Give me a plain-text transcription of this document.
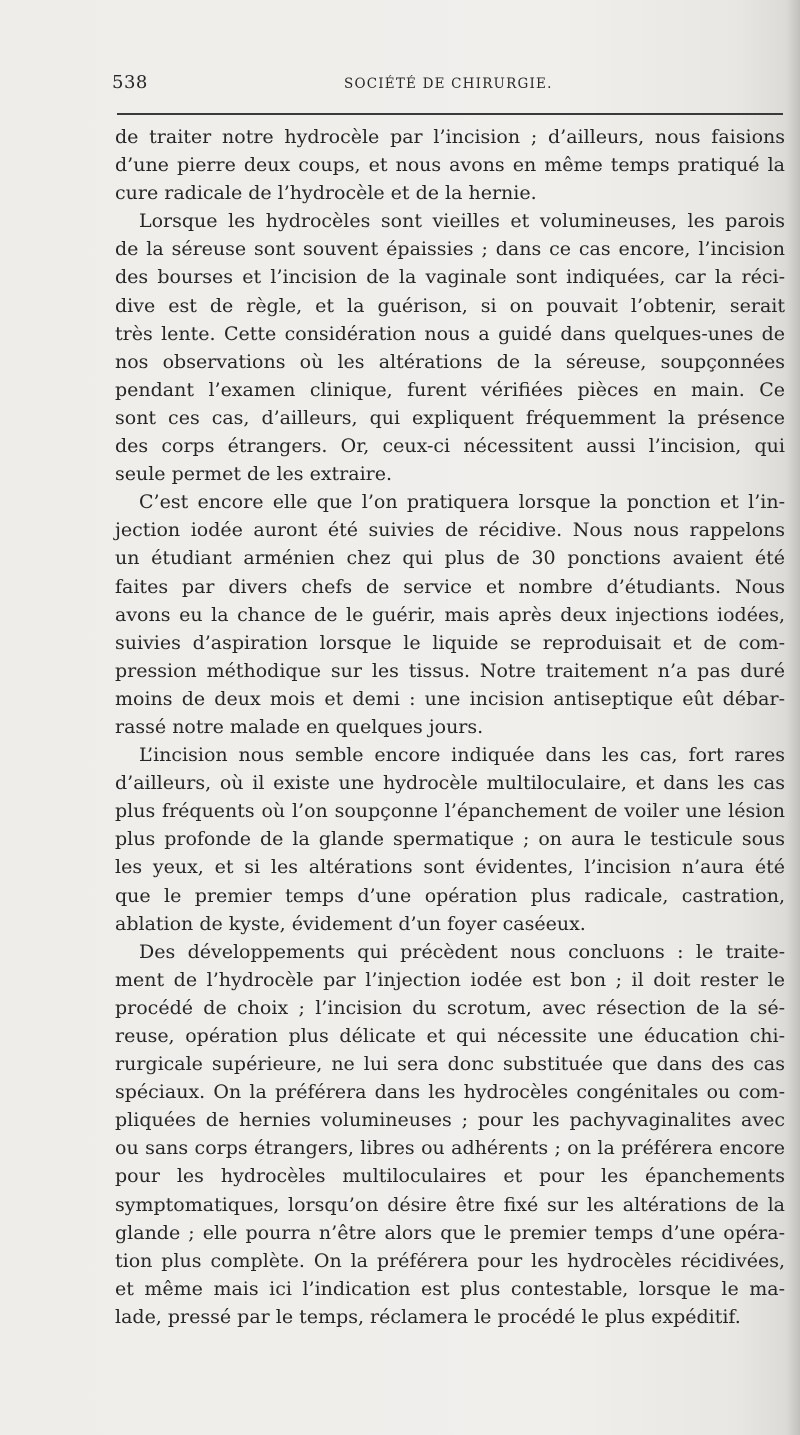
538	SOCIÉTÉ DE CHIRURGIE.
de traiter notre hydrocèle par l’incision ; d’ailleurs, nous faisions
d’une pierre deux coups, et nous avons en même temps pratiqué la
cure radicale de l’hydrocèle et de la hernie.
Lorsque les hydrocèles sont vieilles et volumineuses, les parois
de la séreuse sont souvent épaissies ; dans ce cas encore, l’incision
des bourses et l’incision de la vaginale sont indiquées, car la réci-
dive est de règle, et la guérison, si on pouvait l’obtenir, serait
très lente. Cette considération nous a guidé dans quelques-unes de
nos observations où les altérations de la séreuse, soupçonnées
pendant l’examen clinique, furent vérifiées pièces en main. Ce
sont ces cas, d’ailleurs, qui expliquent fréquemment la présence
des corps étrangers. Or, ceux-ci nécessitent aussi l’incision, qui
seule permet de les extraire.
C’est encore elle que l’on pratiquera lorsque la ponction et l’in-
jection iodée auront été suivies de récidive. Nous nous rappelons
un étudiant arménien chez qui plus de 30 ponctions avaient été
faites par divers chefs de service et nombre d’étudiants. Nous
avons eu la chance de le guérir, mais après deux injections iodées,
suivies d’aspiration lorsque le liquide se reproduisait et de com-
pression méthodique sur les tissus. Notre traitement n’a pas duré
moins de deux mois et demi : une incision antiseptique eût débar-
rassé notre malade en quelques jours.
L’incision nous semble encore indiquée dans les cas, fort rares
d’ailleurs, où il existe une hydrocèle multiloculaire, et dans les cas
plus fréquents où l’on soupçonne l’épanchement de voiler une lésion
plus profonde de la glande spermatique ; on aura le testicule sous
les yeux, et si les altérations sont évidentes, l’incision n’aura été
que le premier temps d’une opération plus radicale, castration,
ablation de kyste, évidement d’un foyer caséeux.
Des développements qui précèdent nous concluons : le traite-
ment de l’hydrocèle par l’injection iodée est bon ; il doit rester le
procédé de choix ; l’incision du scrotum, avec résection de la sé-
reuse, opération plus délicate et qui nécessite une éducation chi-
rurgicale supérieure, ne lui sera donc substituée que dans des cas
spéciaux. On la préférera dans les hydrocèles congénitales ou com-
pliquées de hernies volumineuses ; pour les pachyvaginalites avec
ou sans corps étrangers, libres ou adhérents ; on la préférera encore
pour les hydrocèles multiloculaires et pour les épanchements
symptomatiques, lorsqu’on désire être fixé sur les altérations de la
glande ; elle pourra n’être alors que le premier temps d’une opéra-
tion plus complète. On la préférera pour les hydrocèles récidivées,
et même mais ici l’indication est plus contestable, lorsque le ma-
lade, pressé par le temps, réclamera le procédé le plus expéditif.
